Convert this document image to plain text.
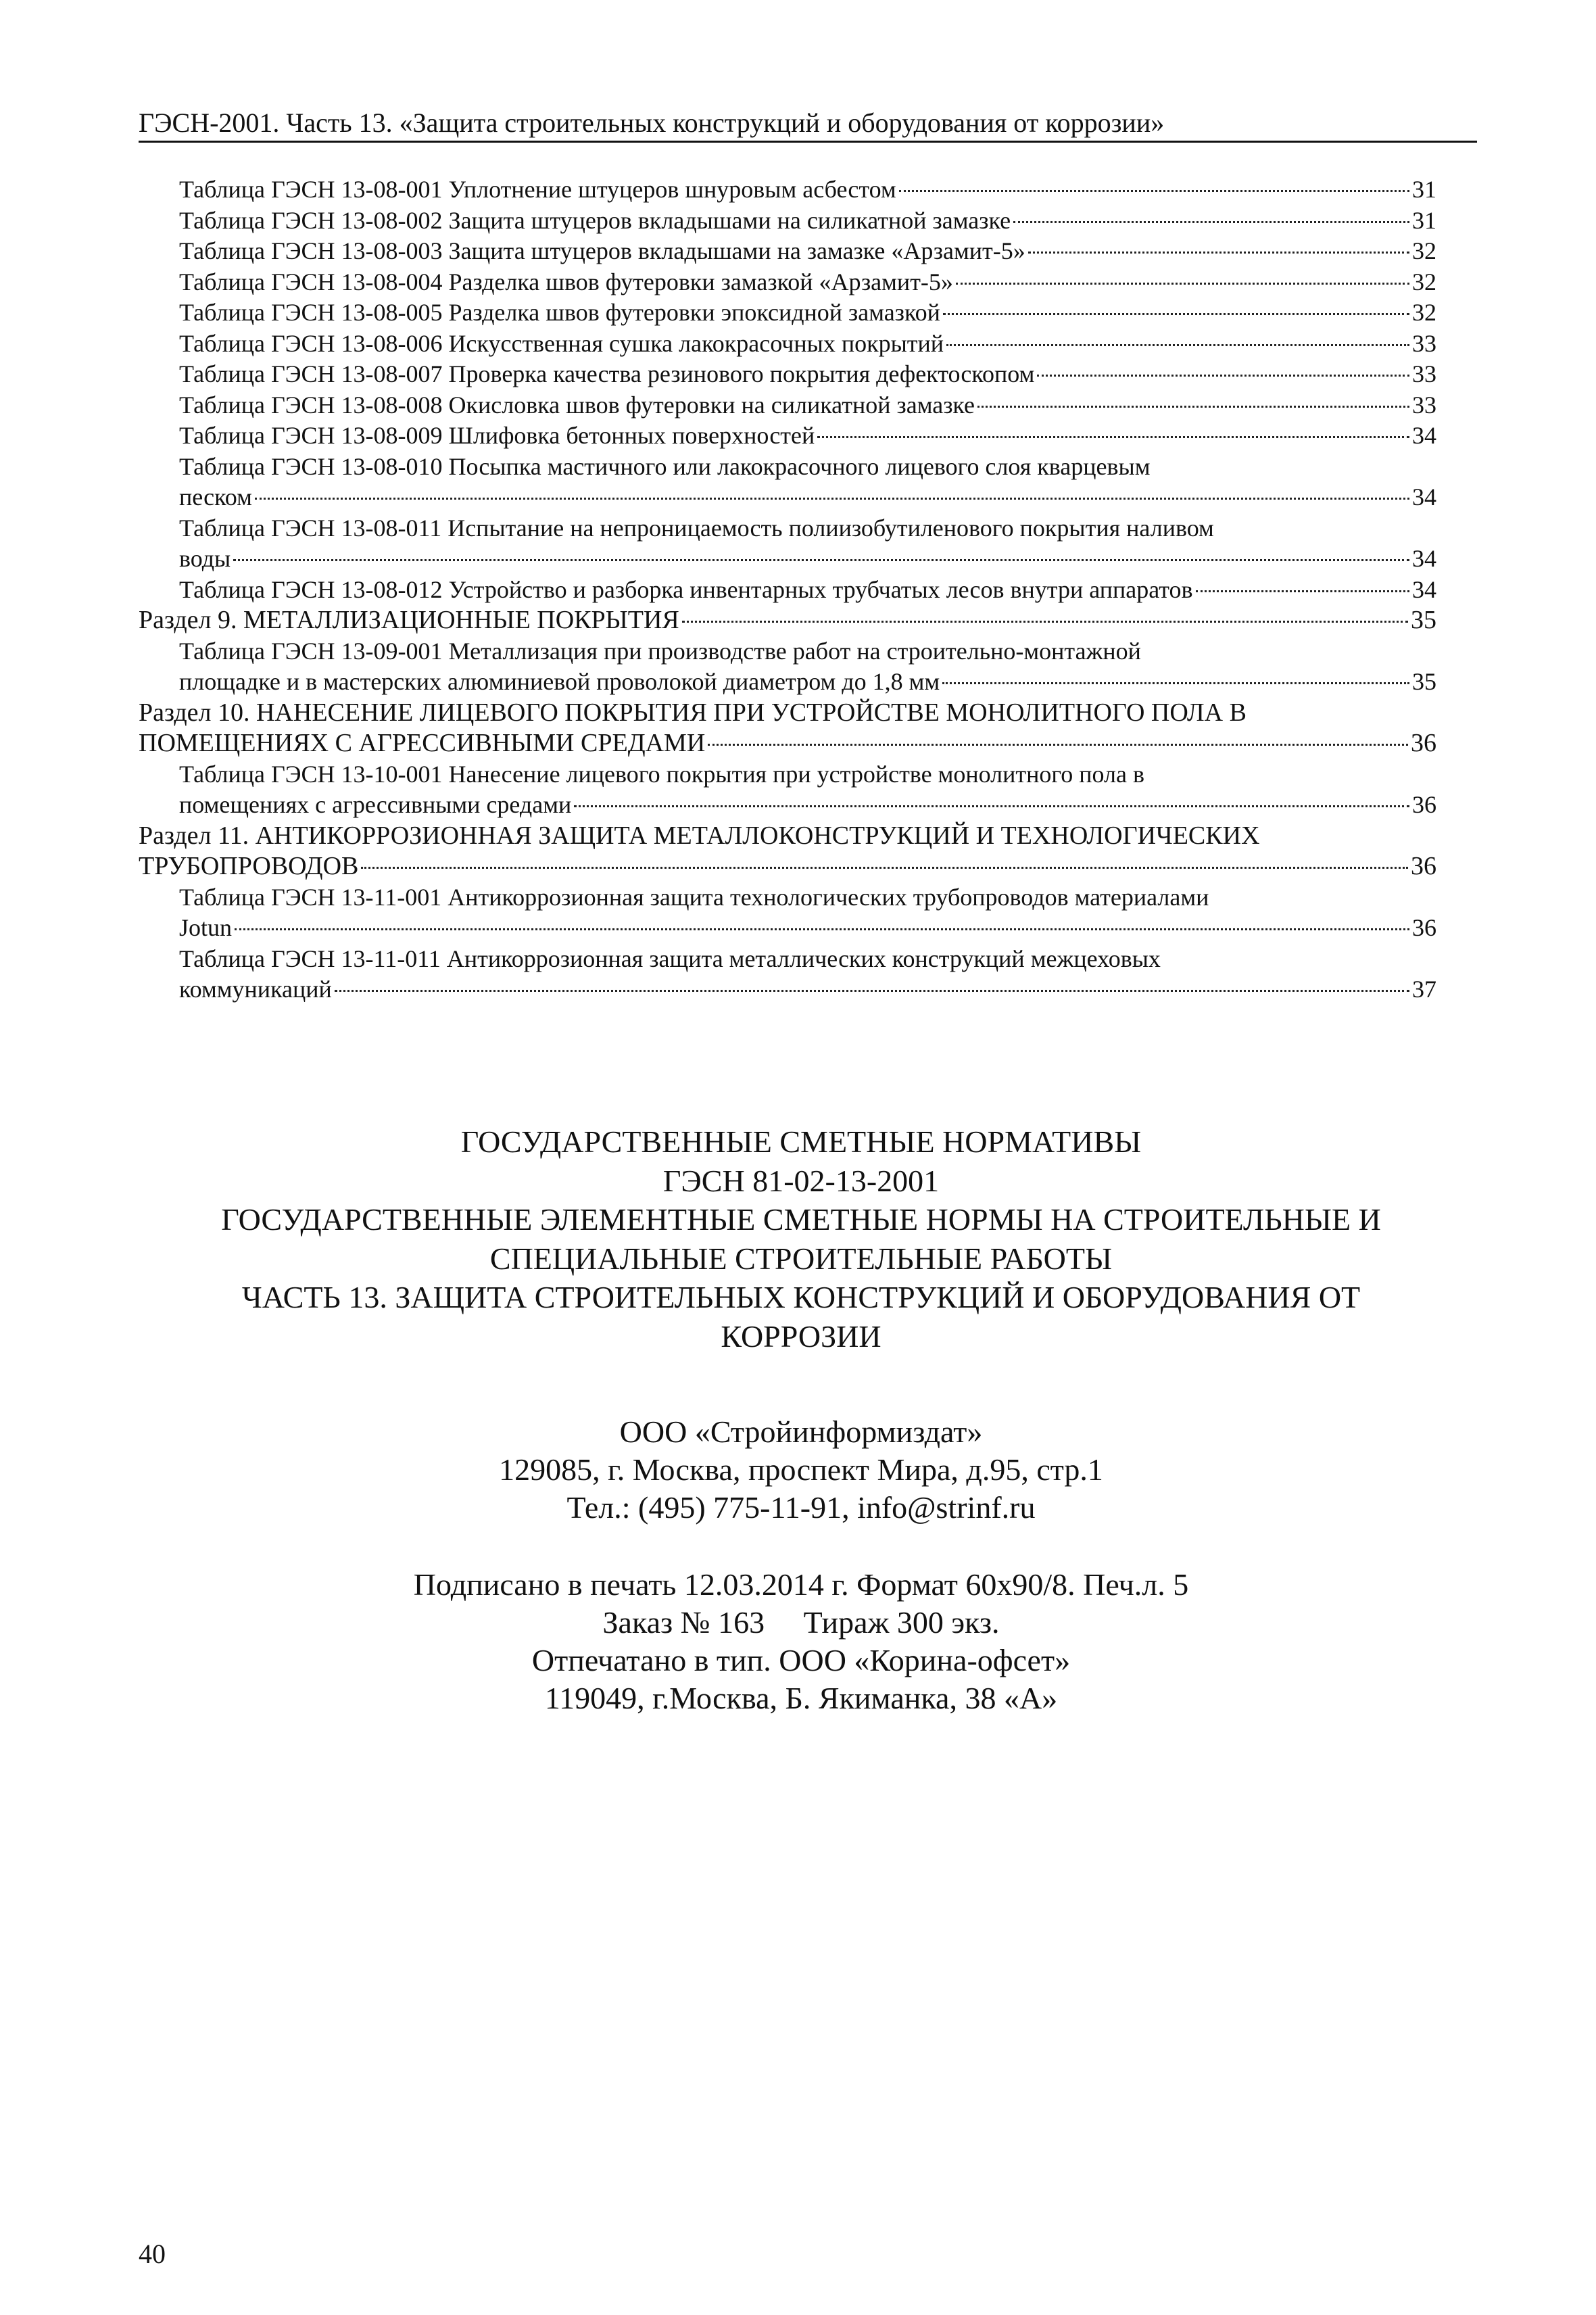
ГЭСН-2001. Часть 13. «Защита строительных конструкций и оборудования от коррозии»
Таблица ГЭСН 13-08-001 Уплотнение штуцеров шнуровым асбестом	31
Таблица ГЭСН 13-08-002 Защита штуцеров вкладышами на силикатной замазке	31
Таблица ГЭСН 13-08-003 Защита штуцеров вкладышами на замазке «Арзамит-5»	32
Таблица ГЭСН 13-08-004 Разделка швов футеровки замазкой «Арзамит-5»	32
Таблица ГЭСН 13-08-005 Разделка швов футеровки эпоксидной замазкой	32
Таблица ГЭСН 13-08-006 Искусственная сушка лакокрасочных покрытий	33
Таблица ГЭСН 13-08-007 Проверка качества резинового покрытия дефектоскопом	33
Таблица ГЭСН 13-08-008 Окисловка швов футеровки на силикатной замазке	33
Таблица ГЭСН 13-08-009 Шлифовка бетонных поверхностей	34
Таблица ГЭСН 13-08-010 Посыпка мастичного или лакокрасочного лицевого слоя кварцевым
песком	34
Таблица ГЭСН 13-08-011 Испытание на непроницаемость полиизобутиленового покрытия наливом
воды	34
Таблица ГЭСН 13-08-012 Устройство и разборка инвентарных трубчатых лесов внутри аппаратов	34
Раздел 9. МЕТАЛЛИЗАЦИОННЫЕ ПОКРЫТИЯ	35
Таблица ГЭСН 13-09-001 Металлизация при производстве работ на строительно-монтажной
площадке и в мастерских алюминиевой проволокой диаметром до 1,8 мм	35
Раздел 10. НАНЕСЕНИЕ ЛИЦЕВОГО ПОКРЫТИЯ ПРИ УСТРОЙСТВЕ МОНОЛИТНОГО ПОЛА В
ПОМЕЩЕНИЯХ С АГРЕССИВНЫМИ СРЕДАМИ	36
Таблица ГЭСН 13-10-001 Нанесение лицевого покрытия при устройстве монолитного пола в
помещениях с агрессивными средами	36
Раздел 11. АНТИКОРРОЗИОННАЯ ЗАЩИТА МЕТАЛЛОКОНСТРУКЦИЙ И ТЕХНОЛОГИЧЕСКИХ
ТРУБОПРОВОДОВ	36
Таблица ГЭСН 13-11-001 Антикоррозионная защита технологических трубопроводов материалами
Jotun	36
Таблица ГЭСН 13-11-011 Антикоррозионная защита металлических конструкций межцеховых
коммуникаций	37
ГОСУДАРСТВЕННЫЕ СМЕТНЫЕ НОРМАТИВЫ
ГЭСН 81-02-13-2001
ГОСУДАРСТВЕННЫЕ ЭЛЕМЕНТНЫЕ СМЕТНЫЕ НОРМЫ НА СТРОИТЕЛЬНЫЕ И
СПЕЦИАЛЬНЫЕ СТРОИТЕЛЬНЫЕ РАБОТЫ
ЧАСТЬ 13. ЗАЩИТА СТРОИТЕЛЬНЫХ КОНСТРУКЦИЙ И ОБОРУДОВАНИЯ ОТ
КОРРОЗИИ
ООО «Стройинформиздат»
129085, г. Москва, проспект Мира, д.95, стр.1
Тел.: (495) 775-11-91, info@strinf.ru
Подписано в печать 12.03.2014 г. Формат 60x90/8. Печ.л. 5
Заказ № 163     Тираж 300 экз.
Отпечатано в тип. ООО «Корина-офсет»
119049, г.Москва, Б. Якиманка, 38 «А»
40
